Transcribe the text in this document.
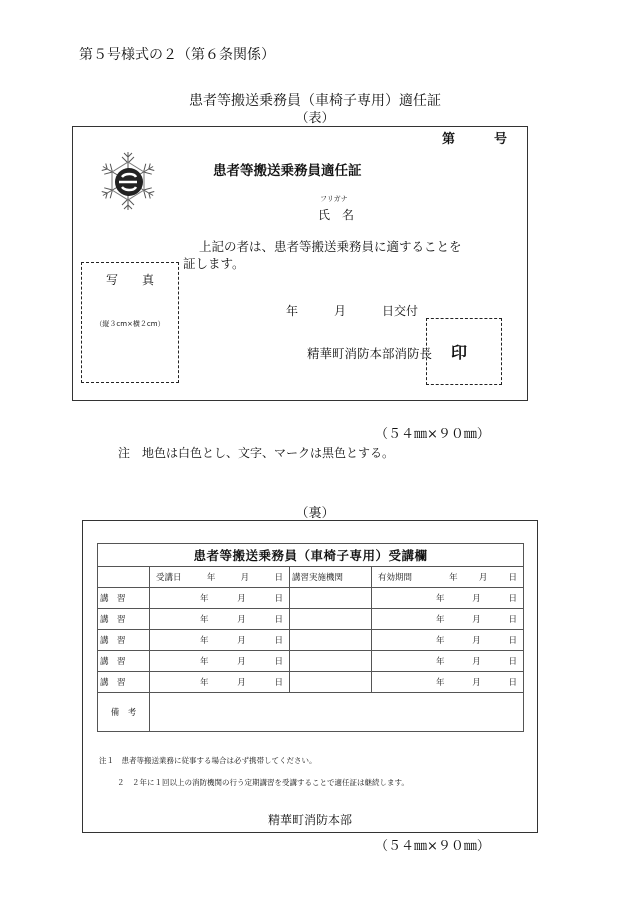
第５号様式の２（第６条関係）
患者等搬送乗務員（車椅子専用）適任証
（表）
第　　　号
患者等搬送乗務員適任証
フリガナ
氏　名
上記の者は、患者等搬送乗務員に適することを
証します。
写　　真
（縦３cm×横２cm）
年　　　月　　　日交付
精華町消防本部消防長 印
（５４㎜×９０㎜）
注　地色は白色とし、文字、マークは黒色とする。
（裏）
患者等搬送乗務員（車椅子専用）受講欄			

	受講日 年 月 日	講習実施機関	有効期間 年 月 日

講　習	年 月 日		年 月 日

講　習	年 月 日		年 月 日

講　習	年 月 日		年 月 日

講　習	年 月 日		年 月 日

講　習	年 月 日		年 月 日

備　考			
注１　患者等搬送業務に従事する場合は必ず携帯してください。
２　２年に１回以上の消防機関の行う定期講習を受講することで適任証は継続します。
精華町消防本部
（５４㎜×９０㎜）
